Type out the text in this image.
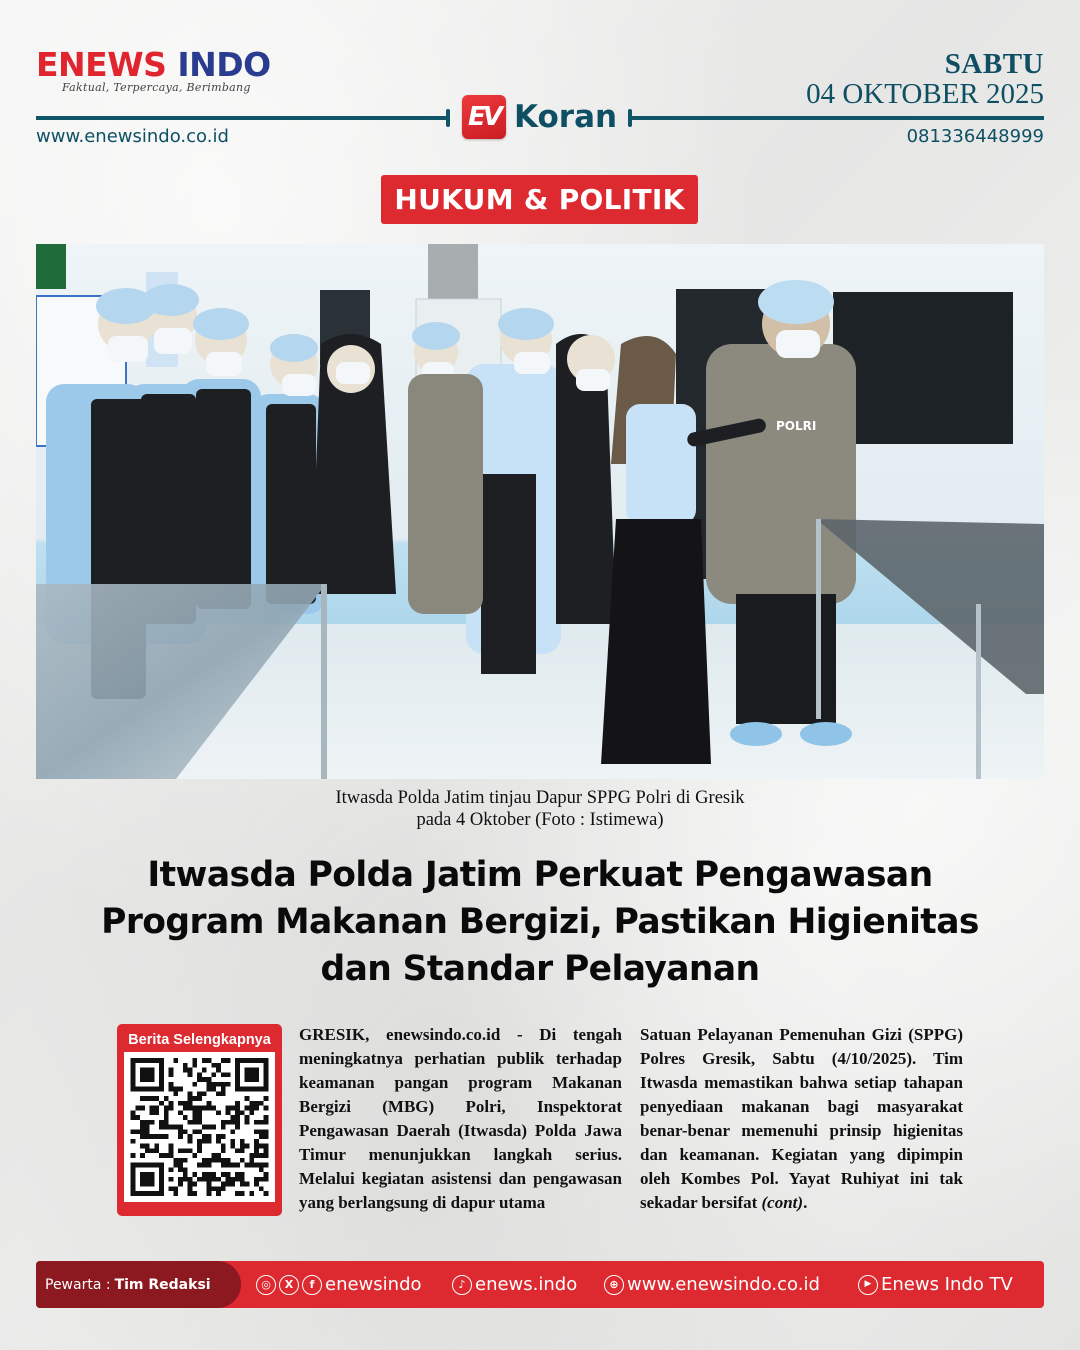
ENEWS INDO
Faktual, Terpercaya, Berimbang
SABTU
04 OKTOBER 2025
EV Koran
www.enewsindo.co.id	081336448999
HUKUM & POLITIK
POLRI
Itwasda Polda Jatim tinjau Dapur SPPG Polri di Gresik
pada 4 Oktober (Foto : Istimewa)
Itwasda Polda Jatim Perkuat Pengawasan
Program Makanan Bergizi, Pastikan Higienitas
dan Standar Pelayanan
Berita Selengkapnya GRESIK, enewsindo.co.id - Di tengah meningkatnya perhatian publik terhadap keamanan pangan program Makanan Bergizi (MBG) Polri, Inspektorat Pengawasan Daerah (Itwasda) Polda Jawa Timur menunjukkan langkah serius. Melalui kegiatan asistensi dan pengawasan yang berlangsung di dapur utama
Satuan Pelayanan Pemenuhan Gizi (SPPG) Polres Gresik, Sabtu (4/10/2025). Tim Itwasda memastikan bahwa setiap tahapan penyediaan makanan bagi masyarakat benar-benar memenuhi prinsip higienitas dan keamanan. Kegiatan yang dipimpin oleh Kombes Pol. Yayat Ruhiyat ini tak sekadar bersifat (cont).
Pewarta : Tim Redaksi	◎	X	f enewsindo	♪ enews.indo	⊕ www.enewsindo.co.id	▶ Enews Indo TV
